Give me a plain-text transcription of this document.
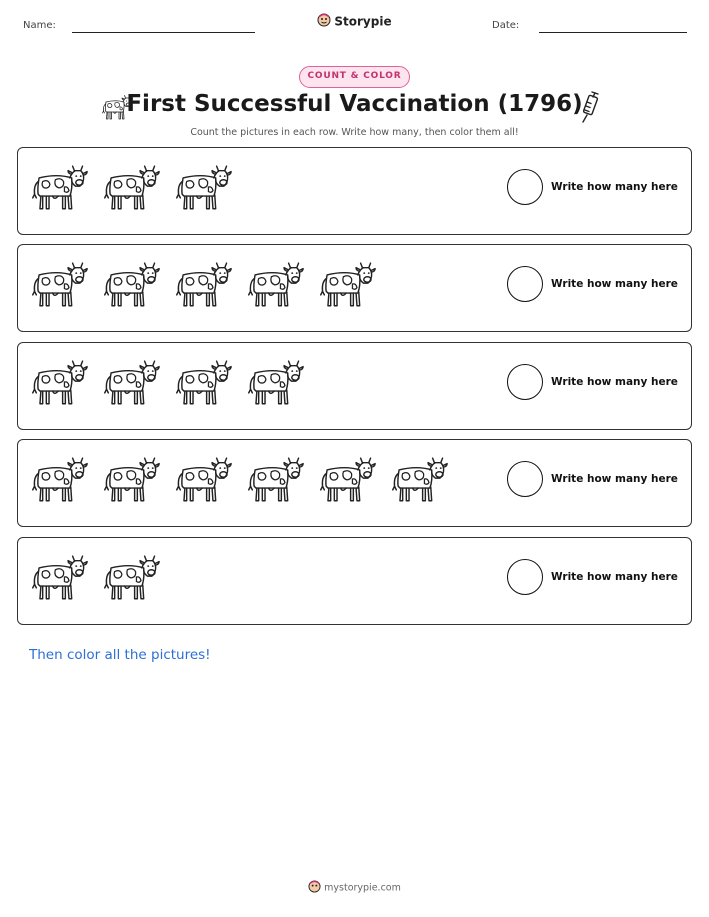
Name:	Storypie	Date:
COUNT & COLOR
First Successful Vaccination (1796)
Count the pictures in each row. Write how many, then color them all!
Write how many here
Write how many here
Write how many here
Write how many here
Write how many here
Then color all the pictures!
mystorypie.com
